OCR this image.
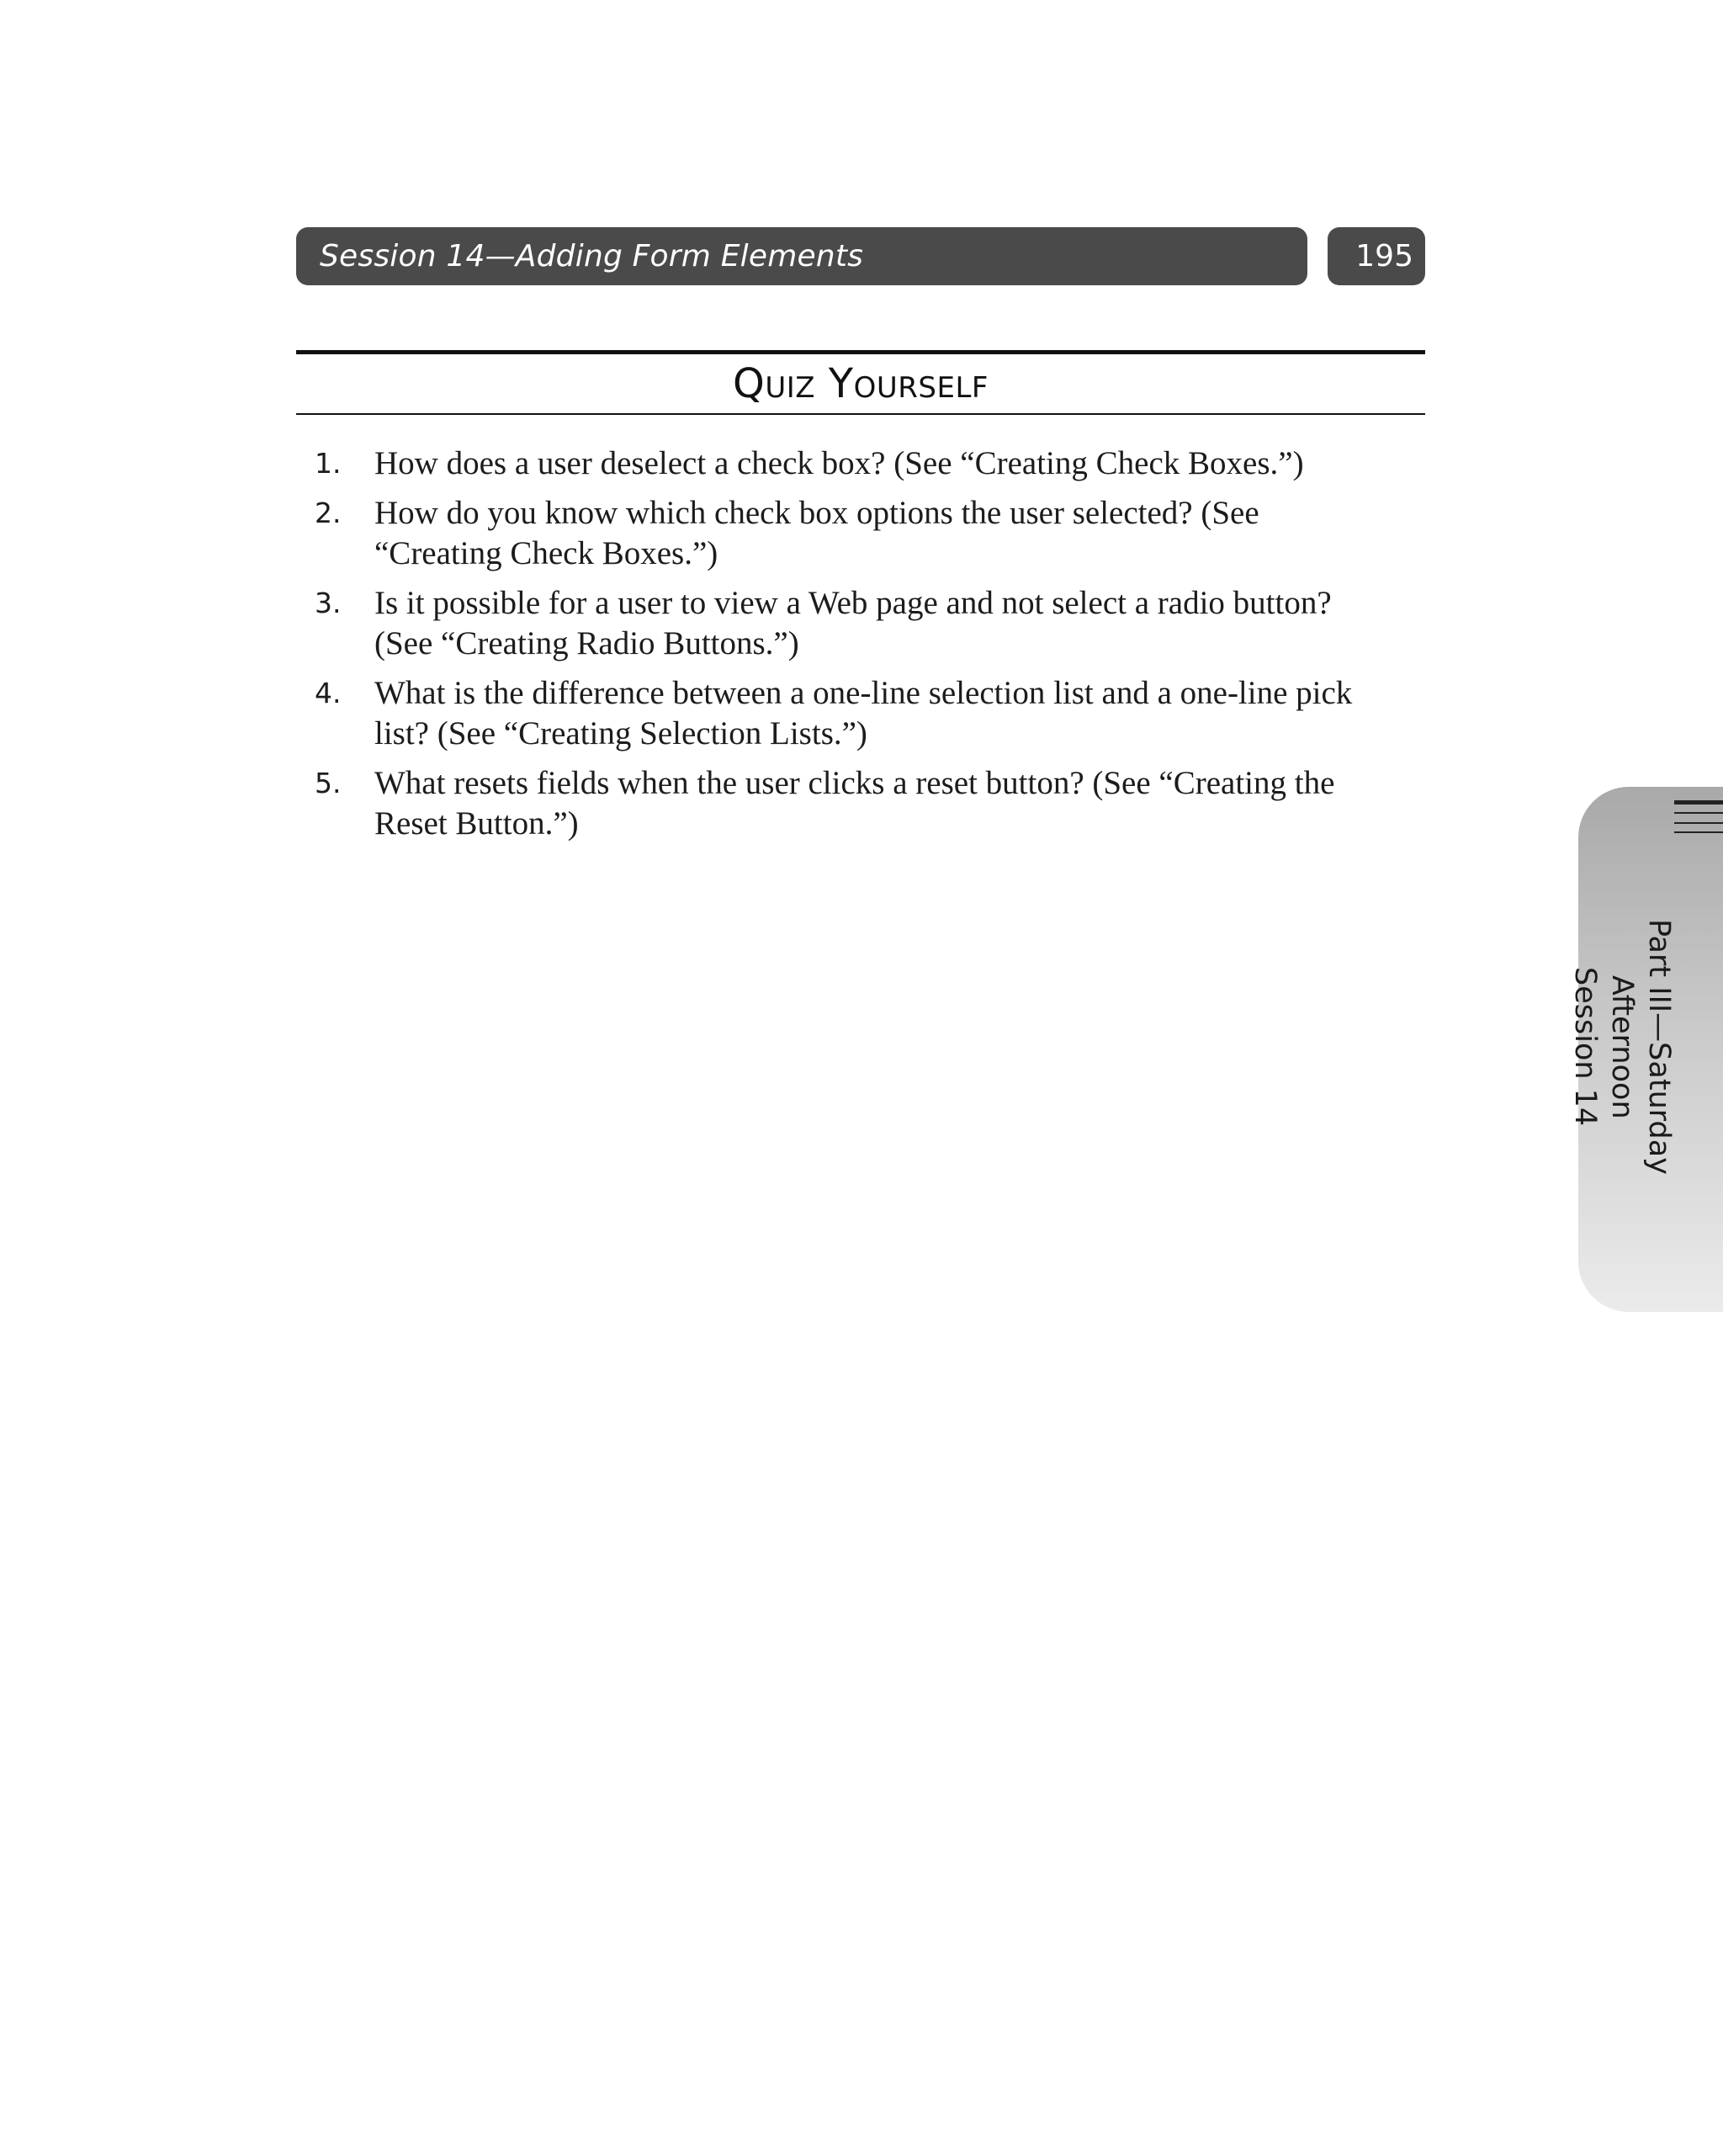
Session 14—Adding Form Elements	195
Quiz Yourself
1. How does a user deselect a check box? (See “Creating Check Boxes.”)
2. How do you know which check box options the user selected? (See “Creating Check Boxes.”)
3. Is it possible for a user to view a Web page and not select a radio button? (See “Creating Radio Buttons.”)
4. What is the difference between a one-line selection list and a one-line pick list? (See “Creating Selection Lists.”)
5. What resets fields when the user clicks a reset button? (See “Creating the Reset Button.”)
Part III—Saturday Afternoon
Session 14
